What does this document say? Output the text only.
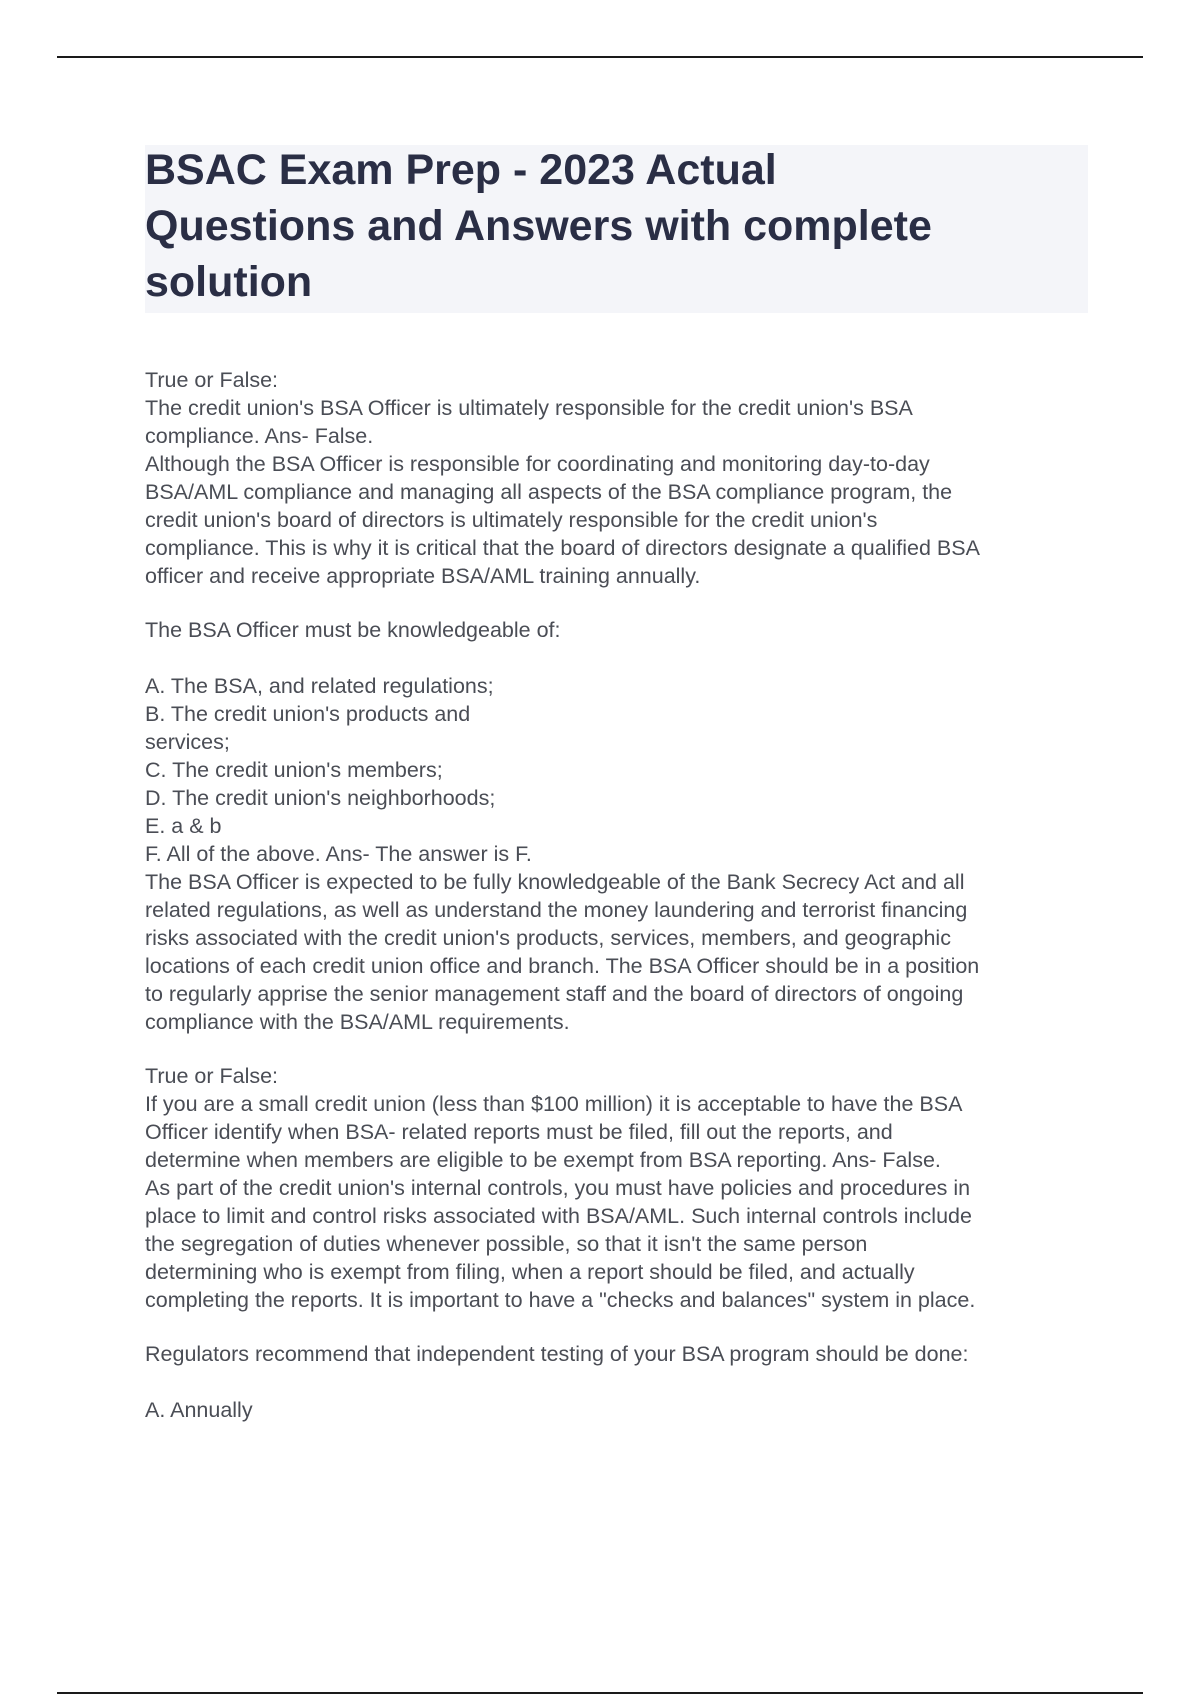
BSAC Exam Prep - 2023 Actual
Questions and Answers with complete
solution
True or False:
The credit union's BSA Officer is ultimately responsible for the credit union's BSA
compliance. Ans- False.
Although the BSA Officer is responsible for coordinating and monitoring day-to-day
BSA/AML compliance and managing all aspects of the BSA compliance program, the
credit union's board of directors is ultimately responsible for the credit union's
compliance. This is why it is critical that the board of directors designate a qualified BSA
officer and receive appropriate BSA/AML training annually.
The BSA Officer must be knowledgeable of:
A. The BSA, and related regulations;
B. The credit union's products and
services;
C. The credit union's members;
D. The credit union's neighborhoods;
E. a & b
F. All of the above. Ans- The answer is F.
The BSA Officer is expected to be fully knowledgeable of the Bank Secrecy Act and all
related regulations, as well as understand the money laundering and terrorist financing
risks associated with the credit union's products, services, members, and geographic
locations of each credit union office and branch. The BSA Officer should be in a position
to regularly apprise the senior management staff and the board of directors of ongoing
compliance with the BSA/AML requirements.
True or False:
If you are a small credit union (less than $100 million) it is acceptable to have the BSA
Officer identify when BSA- related reports must be filed, fill out the reports, and
determine when members are eligible to be exempt from BSA reporting. Ans- False.
As part of the credit union's internal controls, you must have policies and procedures in
place to limit and control risks associated with BSA/AML. Such internal controls include
the segregation of duties whenever possible, so that it isn't the same person
determining who is exempt from filing, when a report should be filed, and actually
completing the reports. It is important to have a "checks and balances" system in place.
Regulators recommend that independent testing of your BSA program should be done:
A. Annually
